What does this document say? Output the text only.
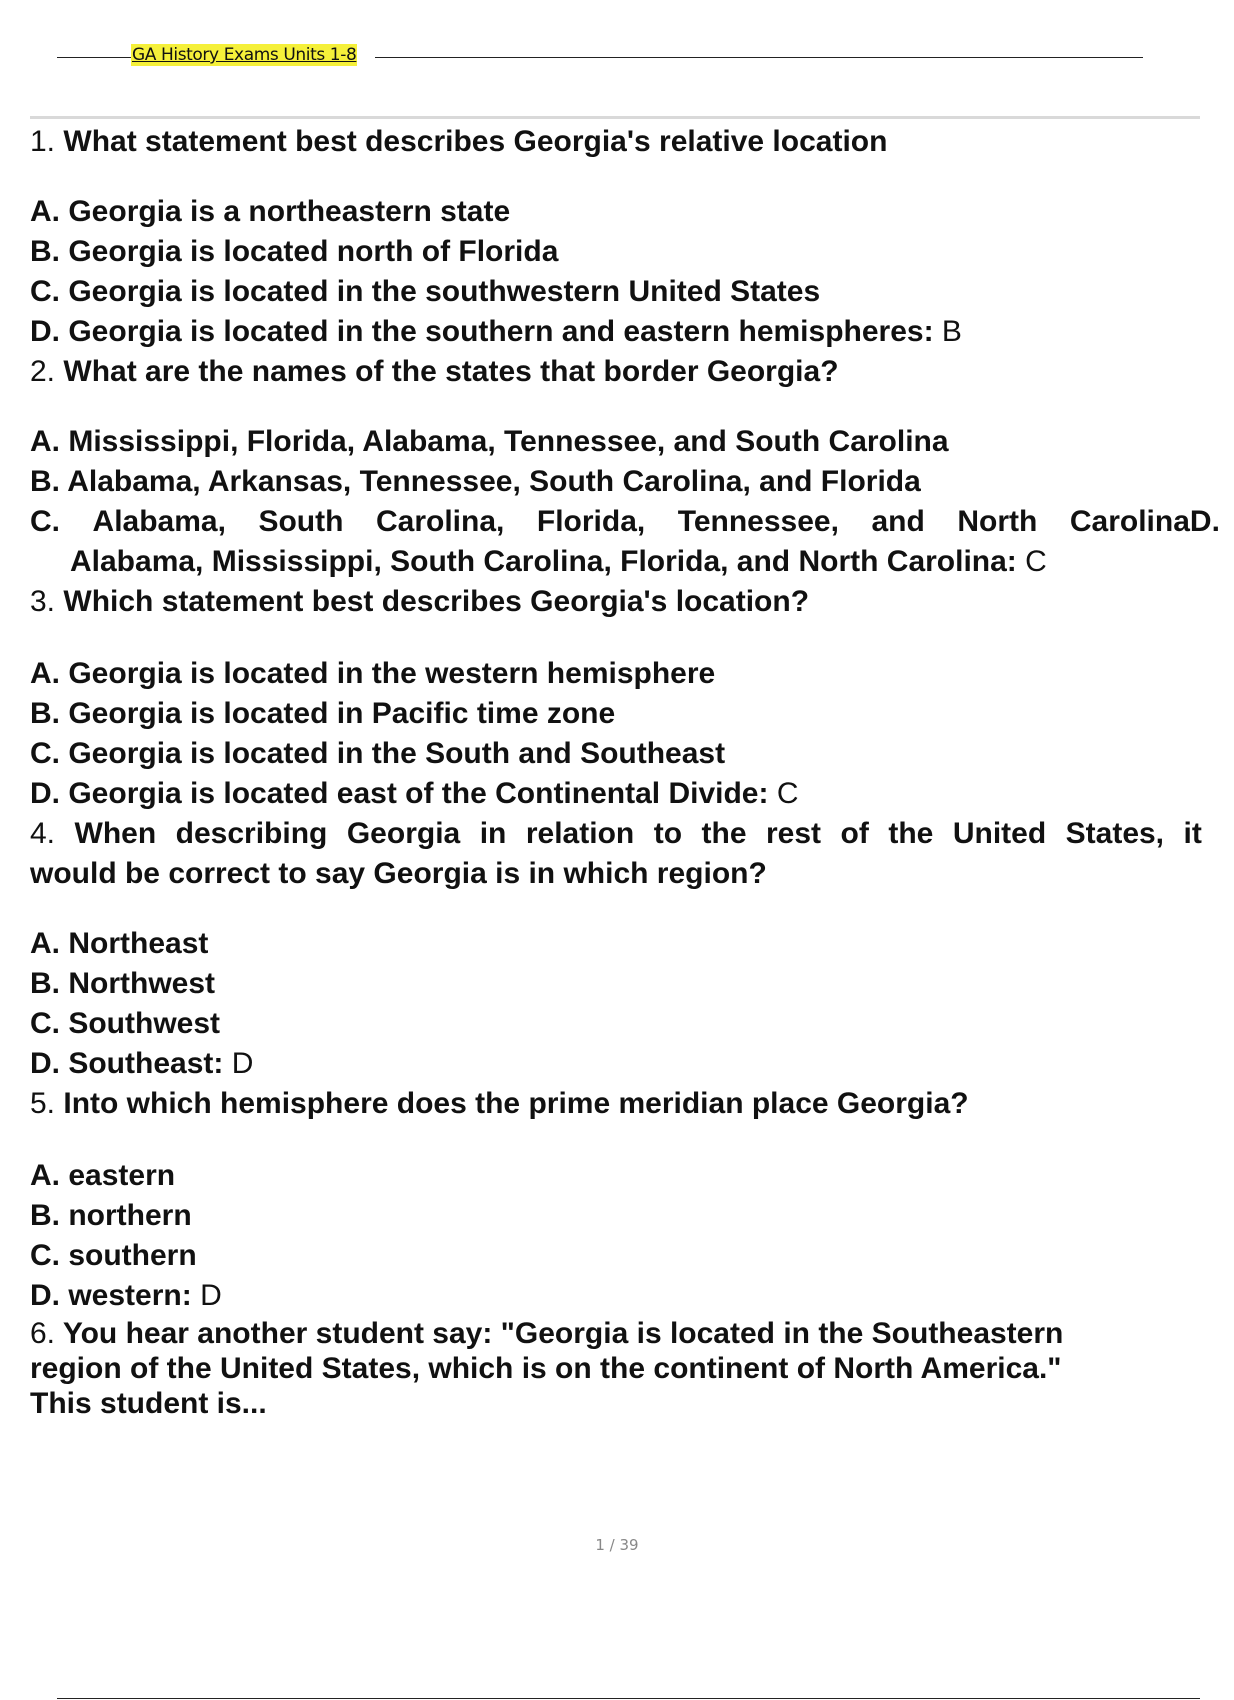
GA History Exams Units 1-8
1. What statement best describes Georgia's relative location
A. Georgia is a northeastern state
B. Georgia is located north of Florida
C. Georgia is located in the southwestern United States
D. Georgia is located in the southern and eastern hemispheres: B
2. What are the names of the states that border Georgia?
A. Mississippi, Florida, Alabama, Tennessee, and South Carolina
B. Alabama, Arkansas, Tennessee, South Carolina, and Florida
C. Alabama, South Carolina, Florida, Tennessee, and North CarolinaD.
Alabama, Mississippi, South Carolina, Florida, and North Carolina: C
3. Which statement best describes Georgia's location?
A. Georgia is located in the western hemisphere
B. Georgia is located in Pacific time zone
C. Georgia is located in the South and Southeast
D. Georgia is located east of the Continental Divide: C
4. When describing Georgia in relation to the rest of the United States, it
would be correct to say Georgia is in which region?
A. Northeast
B. Northwest
C. Southwest
D. Southeast: D
5. Into which hemisphere does the prime meridian place Georgia?
A. eastern
B. northern
C. southern
D. western: D
6. You hear another student say: "Georgia is located in the Southeastern
region of the United States, which is on the continent of North America."
This student is...
1 / 39
